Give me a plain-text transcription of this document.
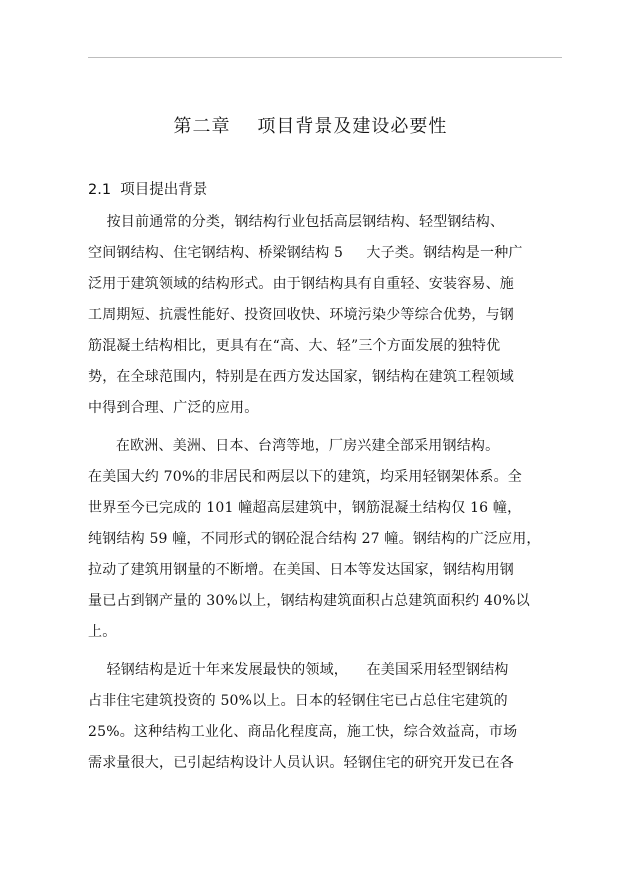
第二章    项目背景及建设必要性
2.1  项目提出背景
按目前通常的分类，钢结构行业包括高层钢结构、轻型钢结构、
空间钢结构、住宅钢结构、桥梁钢结构 5     大子类。钢结构是一种广
泛用于建筑领域的结构形式。由于钢结构具有自重轻、安装容易、施
工周期短、抗震性能好、投资回收快、环境污染少等综合优势，与钢
筋混凝土结构相比，更具有在“高、大、轻”三个方面发展的独特优
势，在全球范围内，特别是在西方发达国家，钢结构在建筑工程领域
中得到合理、广泛的应用。
在欧洲、美洲、日本、台湾等地，厂房兴建全部采用钢结构。
在美国大约 70%的非居民和两层以下的建筑，均采用轻钢架体系。全
世界至今已完成的 101 幢超高层建筑中，钢筋混凝土结构仅 16 幢，
纯钢结构 59 幢，不同形式的钢砼混合结构 27 幢。钢结构的广泛应用，
拉动了建筑用钢量的不断增。在美国、日本等发达国家，钢结构用钢
量已占到钢产量的 30%以上，钢结构建筑面积占总建筑面积约 40%以
上。
轻钢结构是近十年来发展最快的领域，    在美国采用轻型钢结构
占非住宅建筑投资的 50%以上。日本的轻钢住宅已占总住宅建筑的
25%。这种结构工业化、商品化程度高，施工快，综合效益高，市场
需求量很大，已引起结构设计人员认识。轻钢住宅的研究开发已在各
